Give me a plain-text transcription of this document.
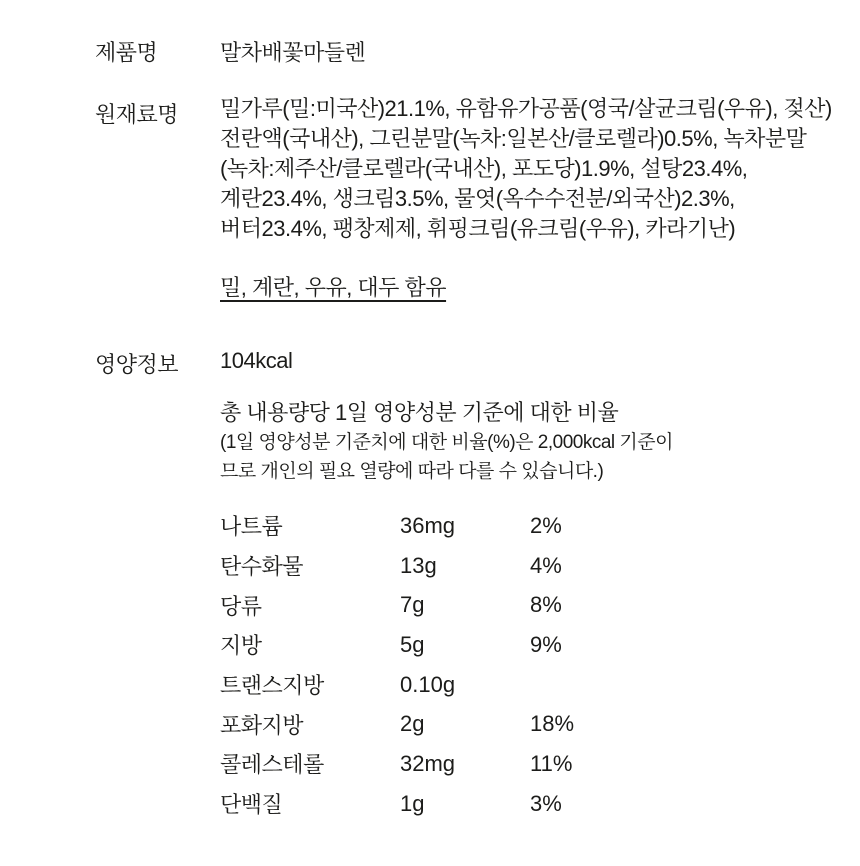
제품명	말차배꽃마들렌
원재료명 밀가루(밀:미국산)21.1%, 유함유가공품(영국/살균크림(우유), 젖산)
전란액(국내산), 그린분말(녹차:일본산/클로렐라)0.5%, 녹차분말
(녹차:제주산/클로렐라(국내산), 포도당)1.9%, 설탕23.4%,
계란23.4%, 생크림3.5%, 물엿(옥수수전분/외국산)2.3%,
버터23.4%, 팽창제제, 휘핑크림(유크림(우유), 카라기난)
밀, 계란, 우유, 대두 함유
영양정보 104kcal
총 내용량당 1일 영양성분 기준에 대한 비율
(1일 영양성분 기준치에 대한 비율(%)은 2,000kcal 기준이
므로 개인의 필요 열량에 따라 다를 수 있습니다.)
나트륨	36mg	2%
탄수화물	13g	4%
당류	7g	8%
지방	5g	9%
트랜스지방	0.10g
포화지방	2g	18%
콜레스테롤	32mg	11%
단백질	1g	3%
